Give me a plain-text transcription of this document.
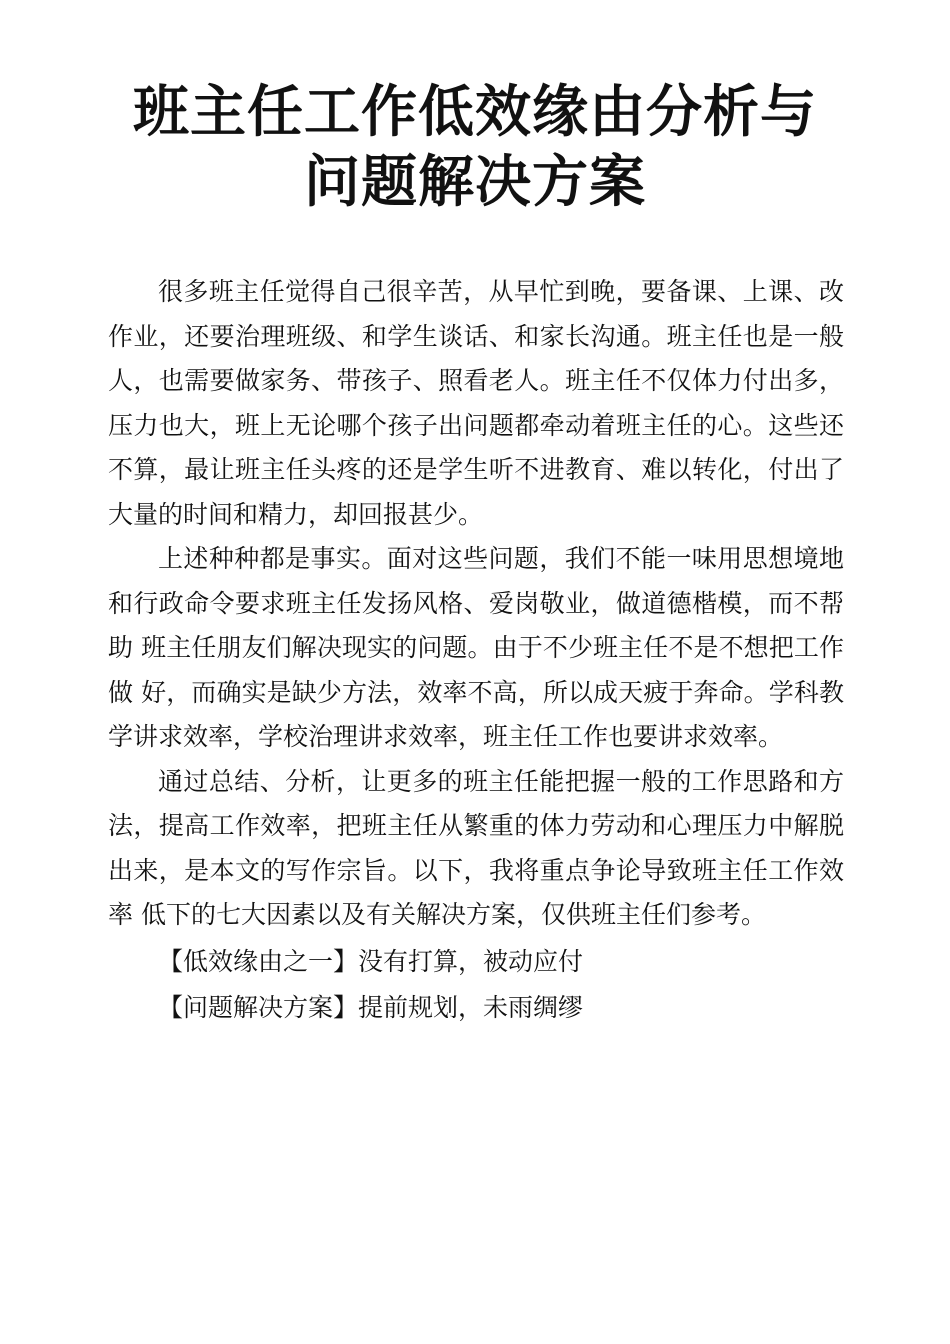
班主任工作低效缘由分析与
问题解决方案

很多班主任觉得自己很辛苦，从早忙到晚，要备课、上课、改作业，还要治理班级、和学生谈话、和家长沟通。班主任也是一般人，也需要做家务、带孩子、照看老人。班主任不仅体力付出多，压力也大，班上无论哪个孩子出问题都牵动着班主任的心。这些还不算，最让班主任头疼的还是学生听不进教育、难以转化，付出了大量的时间和精力，却回报甚少。

上述种种都是事实。面对这些问题，我们不能一味用思想境地和行政命令要求班主任发扬风格、爱岗敬业，做道德楷模，而不帮助 班主任朋友们解决现实的问题。由于不少班主任不是不想把工作做 好，而确实是缺少方法，效率不高，所以成天疲于奔命。学科教学讲求效率，学校治理讲求效率，班主任工作也要讲求效率。

通过总结、分析，让更多的班主任能把握一般的工作思路和方法，提高工作效率，把班主任从繁重的体力劳动和心理压力中解脱出来，是本文的写作宗旨。以下，我将重点争论导致班主任工作效率 低下的七大因素以及有关解决方案，仅供班主任们参考。

【低效缘由之一】没有打算，被动应付

【问题解决方案】提前规划，未雨绸缪
